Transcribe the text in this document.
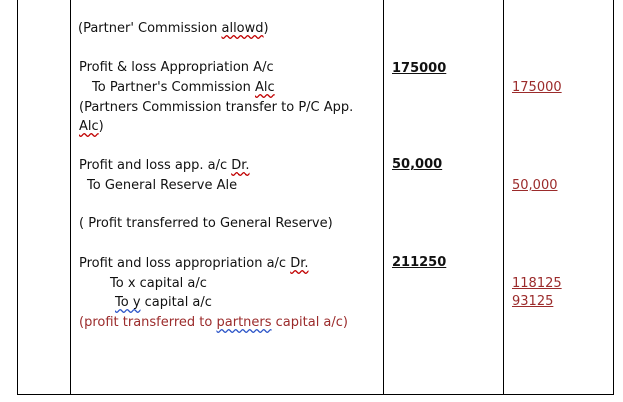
(Partner' Commission allowd)
Profit & loss Appropriation A/c
To Partner's Commission Alc
(Partners Commission transfer to P/C App.
Alc)
175000
175000
Profit and loss app. a/c Dr.
To General Reserve Ale
( Profit transferred to General Reserve)
50,000
50,000
Profit and loss appropriation a/c Dr.
To x capital a/c
To y capital a/c
(profit transferred to partners capital a/c)
211250
118125
93125
